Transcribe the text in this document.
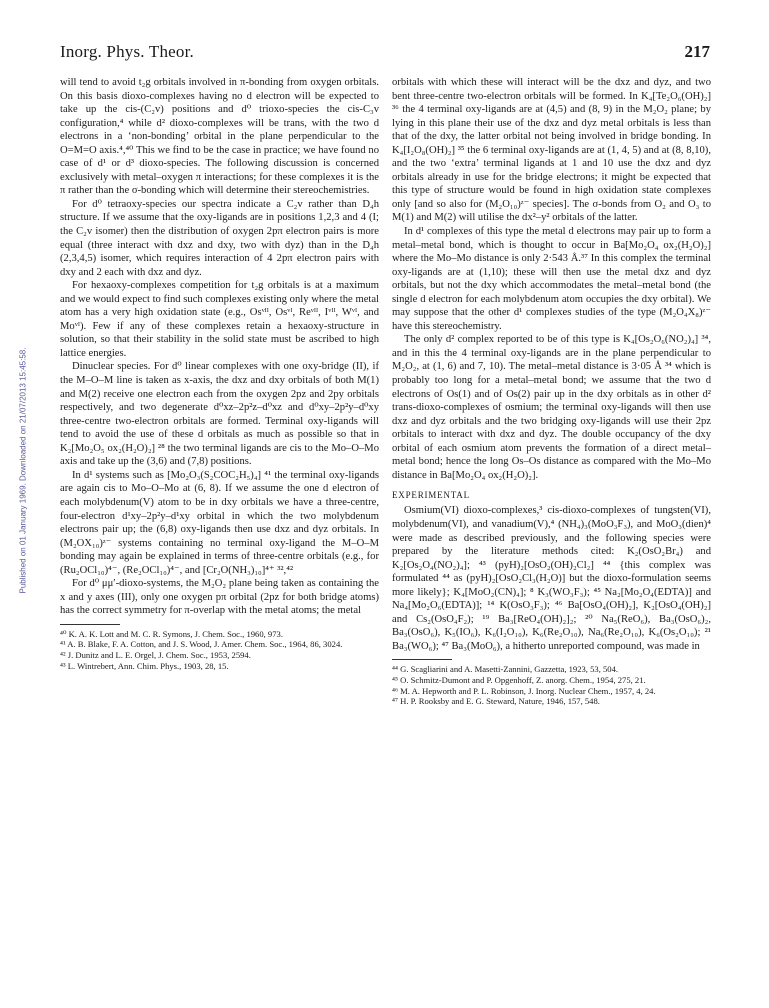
Inorg. Phys. Theor.	217
Published on 01 January 1969. Downloaded on 21/07/2013 15:45:58.

will tend to avoid t₂g orbitals involved in π-bonding from oxygen orbitals. On this basis dioxo-complexes having no d electron will be expected to take up the cis-(C₂v) positions and d⁰ trioxo-species the cis-C₃v configuration,⁴ while d² dioxo-complexes will be trans, with the two d electrons in a ‘non-bonding’ orbital in the plane perpendicular to the O=M=O axis.⁴,⁴⁰ This we find to be the case in practice; we have found no case of d¹ or d³ dioxo-species. The following discussion is concerned exclusively with metal–oxygen π interactions; for these complexes it is the π rather than the σ-bonding which will determine their stereochemistries.

For d⁰ tetraoxy-species our spectra indicate a C₂v rather than D₄h structure. If we assume that the oxy-ligands are in positions 1,2,3 and 4 (I; the C₂v isomer) then the distribution of oxygen 2pπ electron pairs is more equal (three interact with dxz and dxy, two with dyz) than in the D₄h (2,3,4,5) isomer, which requires interaction of 4 2pπ electron pairs with dxy and 2 each with dxz and dyz.

For hexaoxy-complexes competition for t₂g orbitals is at a maximum and we would expect to find such complexes existing only where the metal atom has a very high oxidation state (e.g., Osᵛᴵᴵ, Osᵛᴵ, Reᵛᴵᴵ, Iᵛᴵᴵ, Wᵛᴵ, and Moᵛᴵ). Few if any of these complexes retain a hexaoxy-structure in solution, so that their stability in the solid state must be ascribed to high lattice energies.

Dinuclear species. For d⁰ linear complexes with one oxy-bridge (II), if the M–O–M line is taken as x-axis, the dxz and dxy orbitals of both M(1) and M(2) receive one electron each from the oxygen 2pz and 2py orbitals respectively, and two degenerate d⁰xz–2p²z–d⁰xz and d⁰xy–2p²y–d⁰xy three-centre two-electron orbitals are formed. Terminal oxy-ligands will tend to avoid the use of these d orbitals as much as possible so that in K₂[Mo₂O₅ ox₂(H₂O)₂] ²⁸ the two terminal ligands are cis to the Mo–O–Mo axis and take up the (3,6) and (7,8) positions.

In d¹ systems such as [Mo₂O₃(S₂COC₂H₅)₄] ⁴¹ the terminal oxy-ligands are again cis to Mo–O–Mo at (6, 8). If we assume the one d electron of each molybdenum(V) atom to be in dxy orbitals we have a three-centre, four-electron d¹xy–2p²y–d¹xy orbital in which the two molybdenum electrons pair up; the (6,8) oxy-ligands then use dxz and dyz orbitals. In (M₂OX₁₀)ᶻ⁻ systems containing no terminal oxy-ligand the M–O–M bonding may again be explained in terms of three-centre orbitals (e.g., for (Ru₂OCl₁₀)⁴⁻, (Re₂OCl₁₀)⁴⁻, and [Cr₂O(NH₃)₁₀]⁴⁺ ³²,⁴²

For d⁰ μμ′-dioxo-systems, the M₂O₂ plane being taken as containing the x and y axes (III), only one oxygen pπ orbital (2pz for both bridge atoms) has the correct symmetry for π-overlap with the metal atoms; the metal

⁴⁰ K. A. K. Lott and M. C. R. Symons, J. Chem. Soc., 1960, 973.

⁴¹ A. B. Blake, F. A. Cotton, and J. S. Wood, J. Amer. Chem. Soc., 1964, 86, 3024.

⁴² J. Dunitz and L. E. Orgel, J. Chem. Soc., 1953, 2594.

⁴³ L. Wintrebert, Ann. Chim. Phys., 1903, 28, 15.

orbitals with which these will interact will be the dxz and dyz, and two bent three-centre two-electron orbitals will be formed. In K₄[Te₂O₆(OH)₂] ³⁶ the 4 terminal oxy-ligands are at (4,5) and (8, 9) in the M₂O₂ plane; by lying in this plane their use of the dxz and dyz metal orbitals is less than that of the dxy, the latter orbital not being involved in bridge bonding. In K₄[I₂O₈(OH)₂] ³⁵ the 6 terminal oxy-ligands are at (1, 4, 5) and at (8, 8,10), and the two ‘extra’ terminal ligands at 1 and 10 use the dxz and dyz orbitals already in use for the bridge electrons; it might be expected that this type of structure would be found in high oxidation state complexes only [and so also for (M₂O₁₀)ᶻ⁻ species]. The σ-bonds from O₂ and O₃ to M(1) and M(2) will utilise the dx²–y² orbitals of the latter.

In d¹ complexes of this type the metal d electrons may pair up to form a metal–metal bond, which is thought to occur in Ba[Mo₂O₄ ox₂(H₂O)₂] where the Mo–Mo distance is only 2·543 Å.³⁷ In this complex the terminal oxy-ligands are at (1,10); these will then use the metal dxz and dyz orbitals, but not the dxy which accommodates the metal–metal bond (the single d electron for each molybdenum atom occupies the dxy orbital). We may suppose that the other d¹ complexes studies of the type (M₂O₄X₈)ᶻ⁻ have this stereochemistry.

The only d² complex reported to be of this type is K₄[Os₂O₆(NO₂)₄] ³⁴, and in this the 4 terminal oxy-ligands are in the plane perpendicular to M₂O₂, at (1, 6) and 7, 10). The metal–metal distance is 3·05 Å ³⁴ which is probably too long for a metal–metal bond; we assume that the two d electrons of Os(1) and of Os(2) pair up in the dxy orbitals as in other d² trans-dioxo-complexes of osmium; the terminal oxy-ligands will then use dxz and dyz orbitals and the two bridging oxy-ligands will use their 2pz orbitals to interact with dxz and dyz. The double occupancy of the dxy orbital of each osmium atom prevents the formation of a direct metal–metal bond; hence the long Os–Os distance as compared with the Mo–Mo distance in Ba[Mo₂O₄ ox₂(H₂O)₂].

EXPERIMENTAL

Osmium(VI) dioxo-complexes,³ cis-dioxo-complexes of tungsten(VI), molybdenum(VI), and vanadium(V),⁴ (NH₄)₃(MoO₃F₃), and MoO₃(dien)⁴ were made as described previously, and the following species were prepared by the literature methods cited: K₂(OsO₂Br₄) and K₂[Os₂O₄(NO₂)₄]; ⁴³ (pyH)₂[OsO₂(OH)₂Cl₂] ⁴⁴ {this complex was formulated ⁴⁴ as (pyH)₂[OsO₂Cl₃(H₂O)] but the dioxo-formulation seems more likely}; K₄[MoO₂(CN)₄]; ⁸ K₃(WO₃F₃); ⁴⁵ Na₂[Mo₂O₄(EDTA)] and Na₄[Mo₂O₆(EDTA)]; ¹⁴ K(OsO₃F₃); ⁴⁶ Ba[OsO₄(OH)₂], K₂[OsO₄(OH)₂] and Cs₂(OsO₄F₂); ¹⁹ Ba₃[ReO₄(OH)₂]₂; ²⁰ Na₅(ReO₆), Ba₃(OsO₆)₂, Ba₃(OsO₆), K₅(IO₆), K₆(I₂O₁₀), K₆(Re₂O₁₀), Na₆(Re₂O₁₀), K₆(Os₂O₁₀); ²¹ Ba₃(WO₆); ⁴⁷ Ba₃(MoO₆), a hitherto unreported compound, was made in

⁴⁴ G. Scagliarini and A. Masetti-Zannini, Gazzetta, 1923, 53, 504.

⁴⁵ O. Schmitz-Dumont and P. Opgenhoff, Z. anorg. Chem., 1954, 275, 21.

⁴⁶ M. A. Hepworth and P. L. Robinson, J. Inorg. Nuclear Chem., 1957, 4, 24.

⁴⁷ H. P. Rooksby and E. G. Steward, Nature, 1946, 157, 548.
